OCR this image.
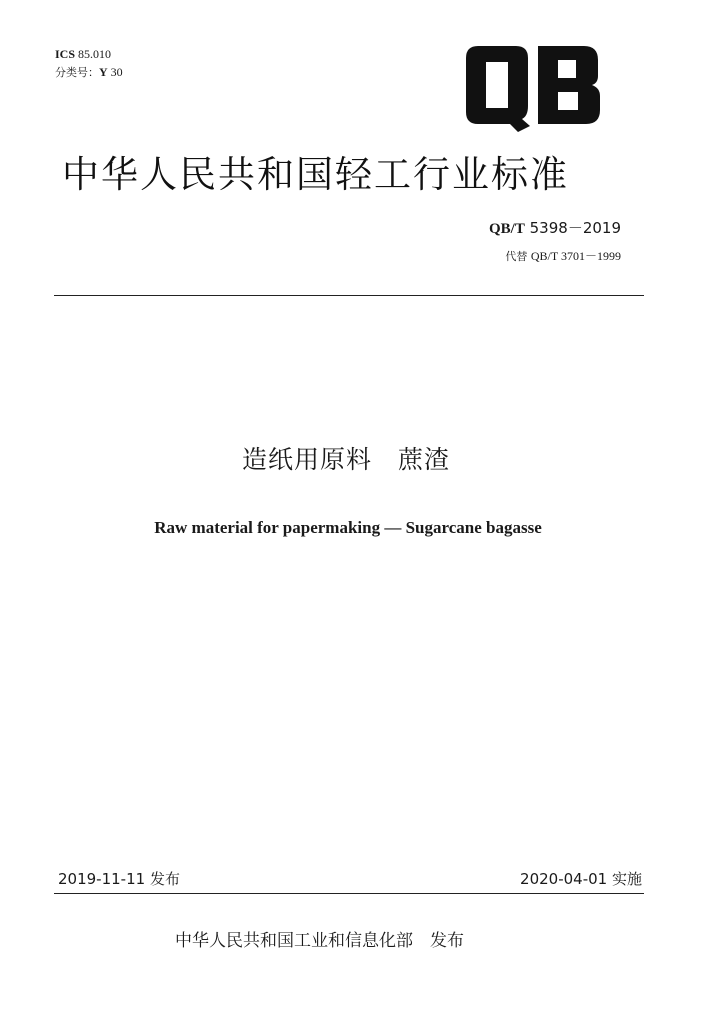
ICS 85.010
分类号：Y 30
中华人民共和国轻工行业标准
QB/T 5398－2019
代替 QB/T 3701－1999
造纸用原料　蔗渣
Raw material for papermaking — Sugarcane bagasse
2019-11-11 发布	2020-04-01 实施
中华人民共和国工业和信息化部　发布
